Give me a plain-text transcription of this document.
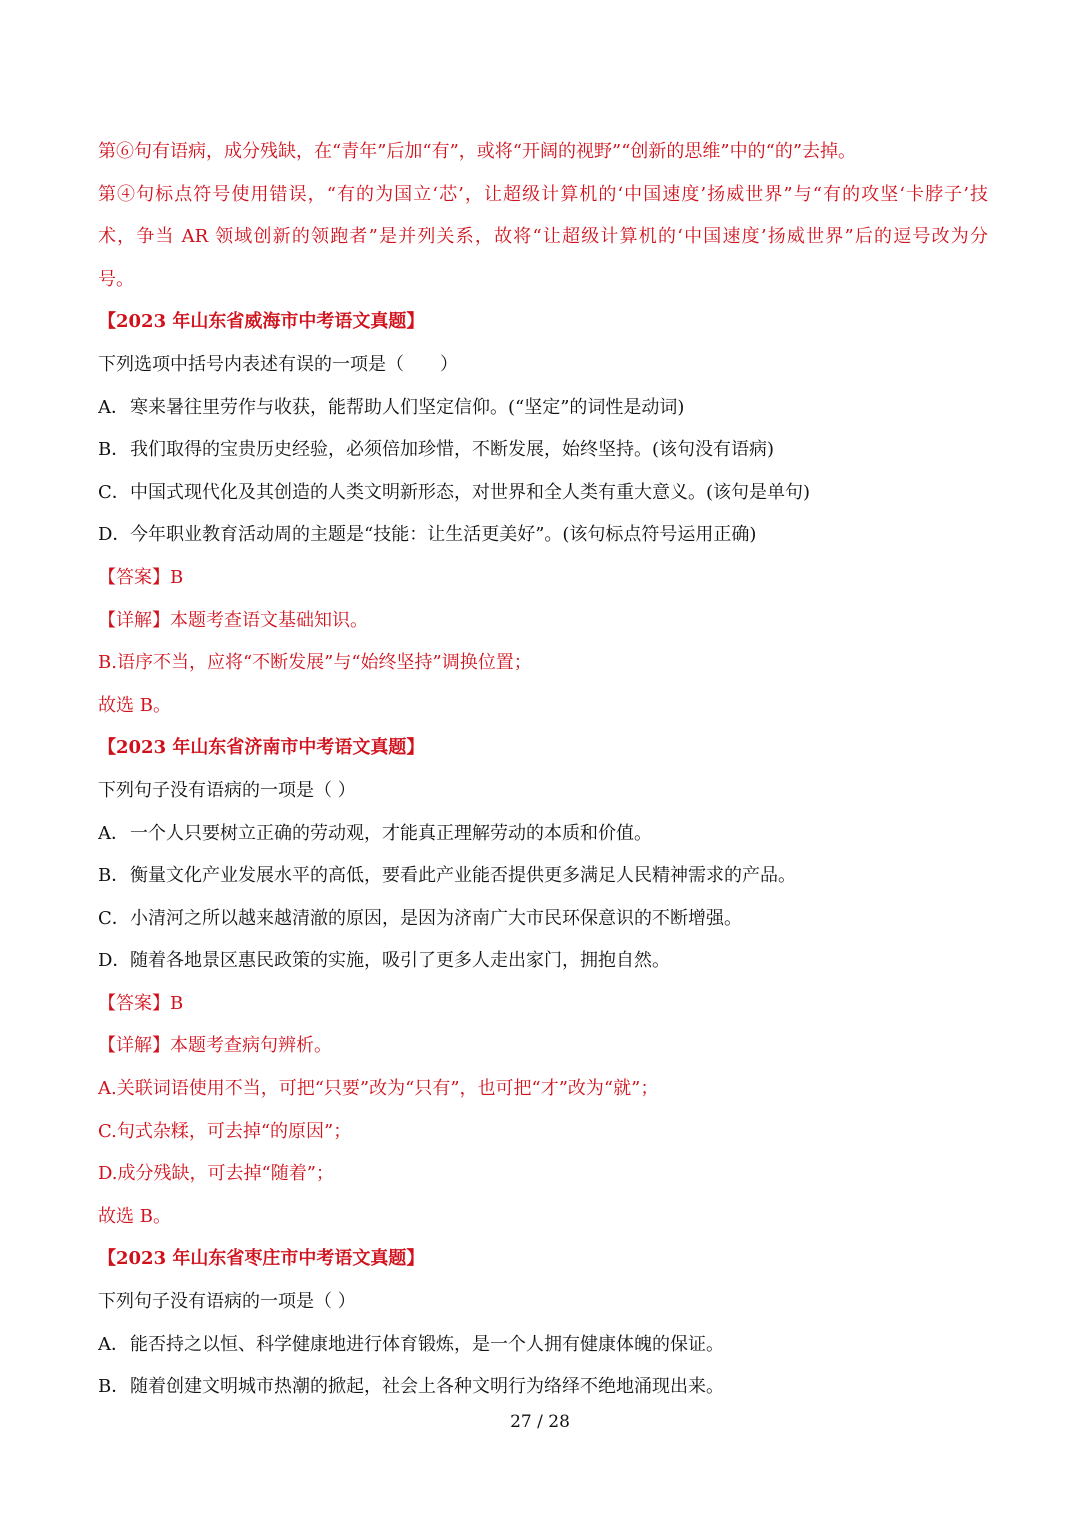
第⑥句有语病，成分残缺，在“青年”后加“有”，或将“开阔的视野”“创新的思维”中的“的”去掉。
第④句标点符号使用错误，“有的为国立‘芯’，让超级计算机的‘中国速度’扬威世界”与“有的攻坚‘卡脖子’技
术，争当 AR 领域创新的领跑者”是并列关系，故将“让超级计算机的‘中国速度’扬威世界”后的逗号改为分
号。
【2023 年山东省威海市中考语文真题】
下列选项中括号内表述有误的一项是（　　）
A．寒来暑往里劳作与收获，能帮助人们坚定信仰。(“坚定”的词性是动词)
B．我们取得的宝贵历史经验，必须倍加珍惜，不断发展，始终坚持。(该句没有语病)
C．中国式现代化及其创造的人类文明新形态，对世界和全人类有重大意义。(该句是单句)
D．今年职业教育活动周的主题是“技能：让生活更美好”。(该句标点符号运用正确)
【答案】B
【详解】本题考查语文基础知识。
B.语序不当，应将“不断发展”与“始终坚持”调换位置；
故选 B。
【2023 年山东省济南市中考语文真题】
下列句子没有语病的一项是（ ）
A．一个人只要树立正确的劳动观，才能真正理解劳动的本质和价值。
B．衡量文化产业发展水平的高低，要看此产业能否提供更多满足人民精神需求的产品。
C．小清河之所以越来越清澈的原因，是因为济南广大市民环保意识的不断增强。
D．随着各地景区惠民政策的实施，吸引了更多人走出家门，拥抱自然。
【答案】B
【详解】本题考查病句辨析。
A.关联词语使用不当，可把“只要”改为“只有”，也可把“才”改为“就”；
C.句式杂糅，可去掉“的原因”；
D.成分残缺，可去掉“随着”；
故选 B。
【2023 年山东省枣庄市中考语文真题】
下列句子没有语病的一项是（ ）
A．能否持之以恒、科学健康地进行体育锻炼，是一个人拥有健康体魄的保证。
B．随着创建文明城市热潮的掀起，社会上各种文明行为络绎不绝地涌现出来。
27 / 28
